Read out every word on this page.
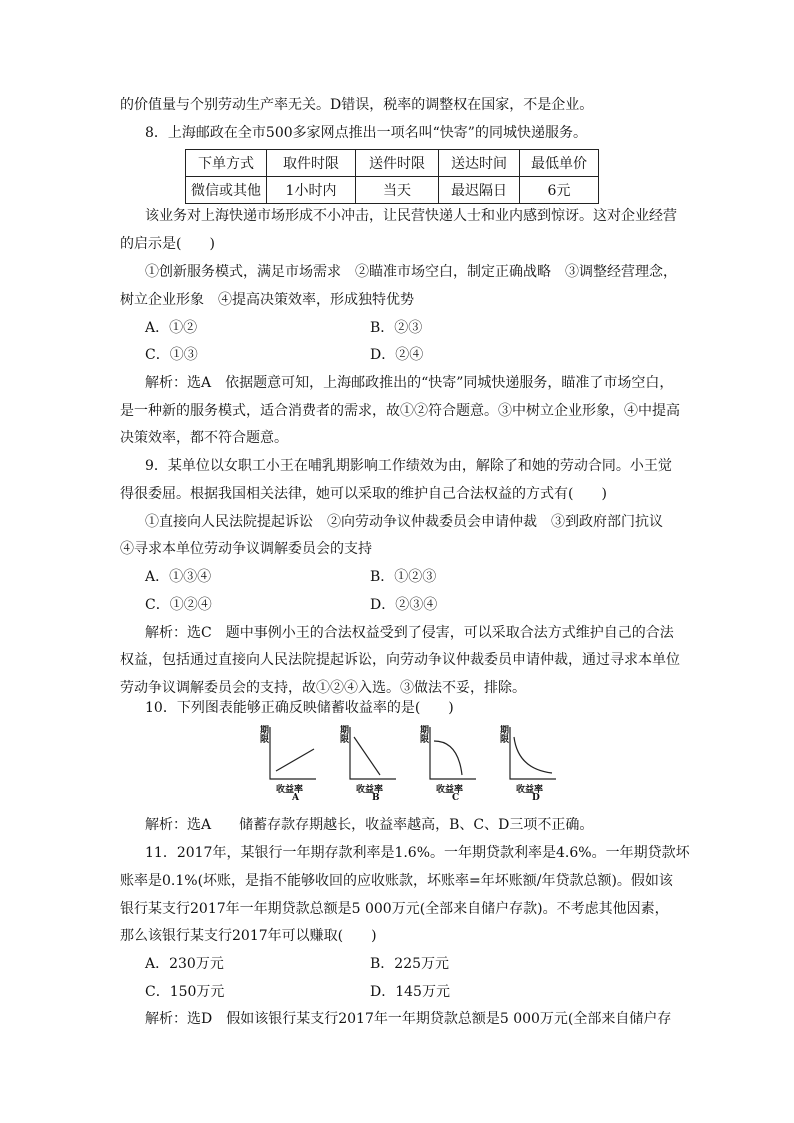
的价值量与个别劳动生产率无关。D错误，税率的调整权在国家，不是企业。
8．上海邮政在全市500多家网点推出一项名叫“快寄”的同城快递服务。
下单方式	取件时限	送件时限	送达时间	最低单价
微信或其他	1小时内	当天	最迟隔日	6元
该业务对上海快递市场形成不小冲击，让民营快递人士和业内感到惊讶。这对企业经营
的启示是(　　)
①创新服务模式，满足市场需求　②瞄准市场空白，制定正确战略　③调整经营理念，
树立企业形象　④提高决策效率，形成独特优势
A．①②	B．②③
C．①③	D．②④
解析：选A　依据题意可知，上海邮政推出的“快寄”同城快递服务，瞄准了市场空白，
是一种新的服务模式，适合消费者的需求，故①②符合题意。③中树立企业形象，④中提高
决策效率，都不符合题意。
9．某单位以女职工小王在哺乳期影响工作绩效为由，解除了和她的劳动合同。小王觉
得很委屈。根据我国相关法律，她可以采取的维护自己合法权益的方式有(　　)
①直接向人民法院提起诉讼　②向劳动争议仲裁委员会申请仲裁　③到政府部门抗议
④寻求本单位劳动争议调解委员会的支持
A．①③④	B．①②③
C．①②④	D．②③④
解析：选C　题中事例小王的合法权益受到了侵害，可以采取合法方式维护自己的合法
权益，包括通过直接向人民法院提起诉讼，向劳动争议仲裁委员申请仲裁，通过寻求本单位
劳动争议调解委员会的支持，故①②④入选。③做法不妥，排除。
10．下列图表能够正确反映储蓄收益率的是(　　)
期限
收益率
A
期限
收益率
B
期限
收益率
C
期限
收益率
D
解析：选A　　储蓄存款存期越长，收益率越高，B、C、D三项不正确。
11．2017年，某银行一年期存款利率是1.6%。一年期贷款利率是4.6%。一年期贷款坏
账率是0.1%(坏账，是指不能够收回的应收账款，坏账率=年坏账额/年贷款总额)。假如该
银行某支行2017年一年期贷款总额是5 000万元(全部来自储户存款)。不考虑其他因素，
那么该银行某支行2017年可以赚取(　　)
A．230万元	B．225万元
C．150万元	D．145万元
解析：选D　假如该银行某支行2017年一年期贷款总额是5 000万元(全部来自储户存
